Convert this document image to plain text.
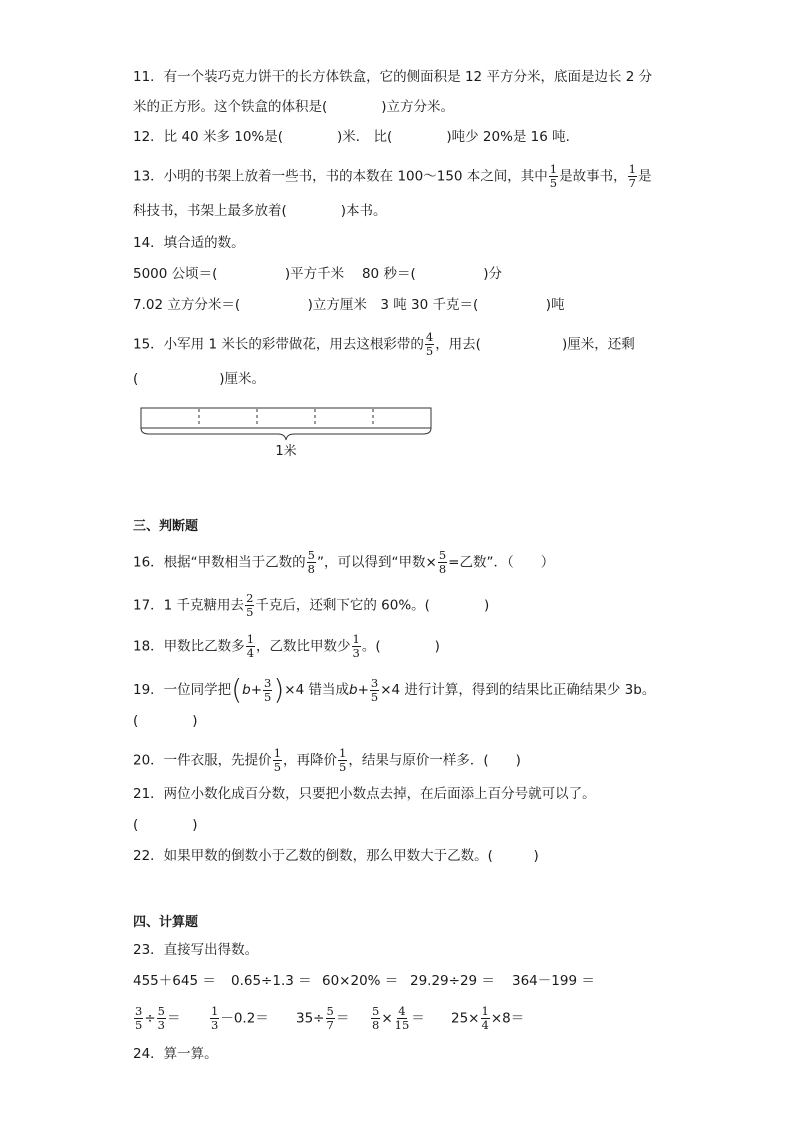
11．有一个装巧克力饼干的长方体铁盒，它的侧面积是 12 平方分米，底面是边长 2 分
米的正方形。这个铁盒的体积是(　　　　)立方分米。
12．比 40 米多 10%是(　　　　)米． 比(　　　　)吨少 20%是 16 吨．
13．小明的书架上放着一些书，书的本数在 100～150 本之间，其中 $\frac{1}{5}$ 是故事书， $\frac{1}{7}$ 是
科技书，书架上最多放着(　　　　)本书。
14．填合适的数。
5000 公顷＝(　　　　　)平方千米　 80 秒＝(　　　　　)分
7.02 立方分米＝(　　　　　)立方厘米　3 吨 30 千克＝(　　　　　)吨
15．小军用 1 米长的彩带做花，用去这根彩带的 $\frac{4}{5}$ ，用去(　　　　　　)厘米，还剩
(　　　　　　)厘米。
1米
三、判断题
16．根据“甲数相当于乙数的 $\frac{5}{8}$ ”，可以得到“甲数× $\frac{5}{8}$ =乙数”．（　　）
17．1 千克糖用去 $\frac{2}{5}$ 千克后，还剩下它的 60%。(　　　　)
18．甲数比乙数多 $\frac{1}{4}$ ，乙数比甲数少 $\frac{1}{3}$ 。(　　　　)
19．一位同学把$(b+ \frac{3}{5} )\times 4$ 错当成$b+ \frac{3}{5} \times 4$ 进行计算，得到的结果比正确结果少 3b。
(　　　　)
20．一件衣服，先提价 $\frac{1}{5}$ ，再降价 $\frac{1}{5}$ ，结果与原价一样多．(　　)
21．两位小数化成百分数，只要把小数点去掉，在后面添上百分号就可以了。
(　　　　)
22．如果甲数的倒数小于乙数的倒数，那么甲数大于乙数。(　　　)
四、计算题
23．直接写出得数。
455＋645 ＝ 0.65÷1.3 ＝ 60×20% ＝ 29.29÷29 ＝ 364－199 ＝
$\frac{3}{5} \div \frac{5}{3}$ ＝	$\frac{1}{3} -0.2= 35\div \frac{5}{7} = \frac{5}{8} \times \frac{4}{15} = 25\times \frac{1}{4} \times 8=$
24．算一算。
